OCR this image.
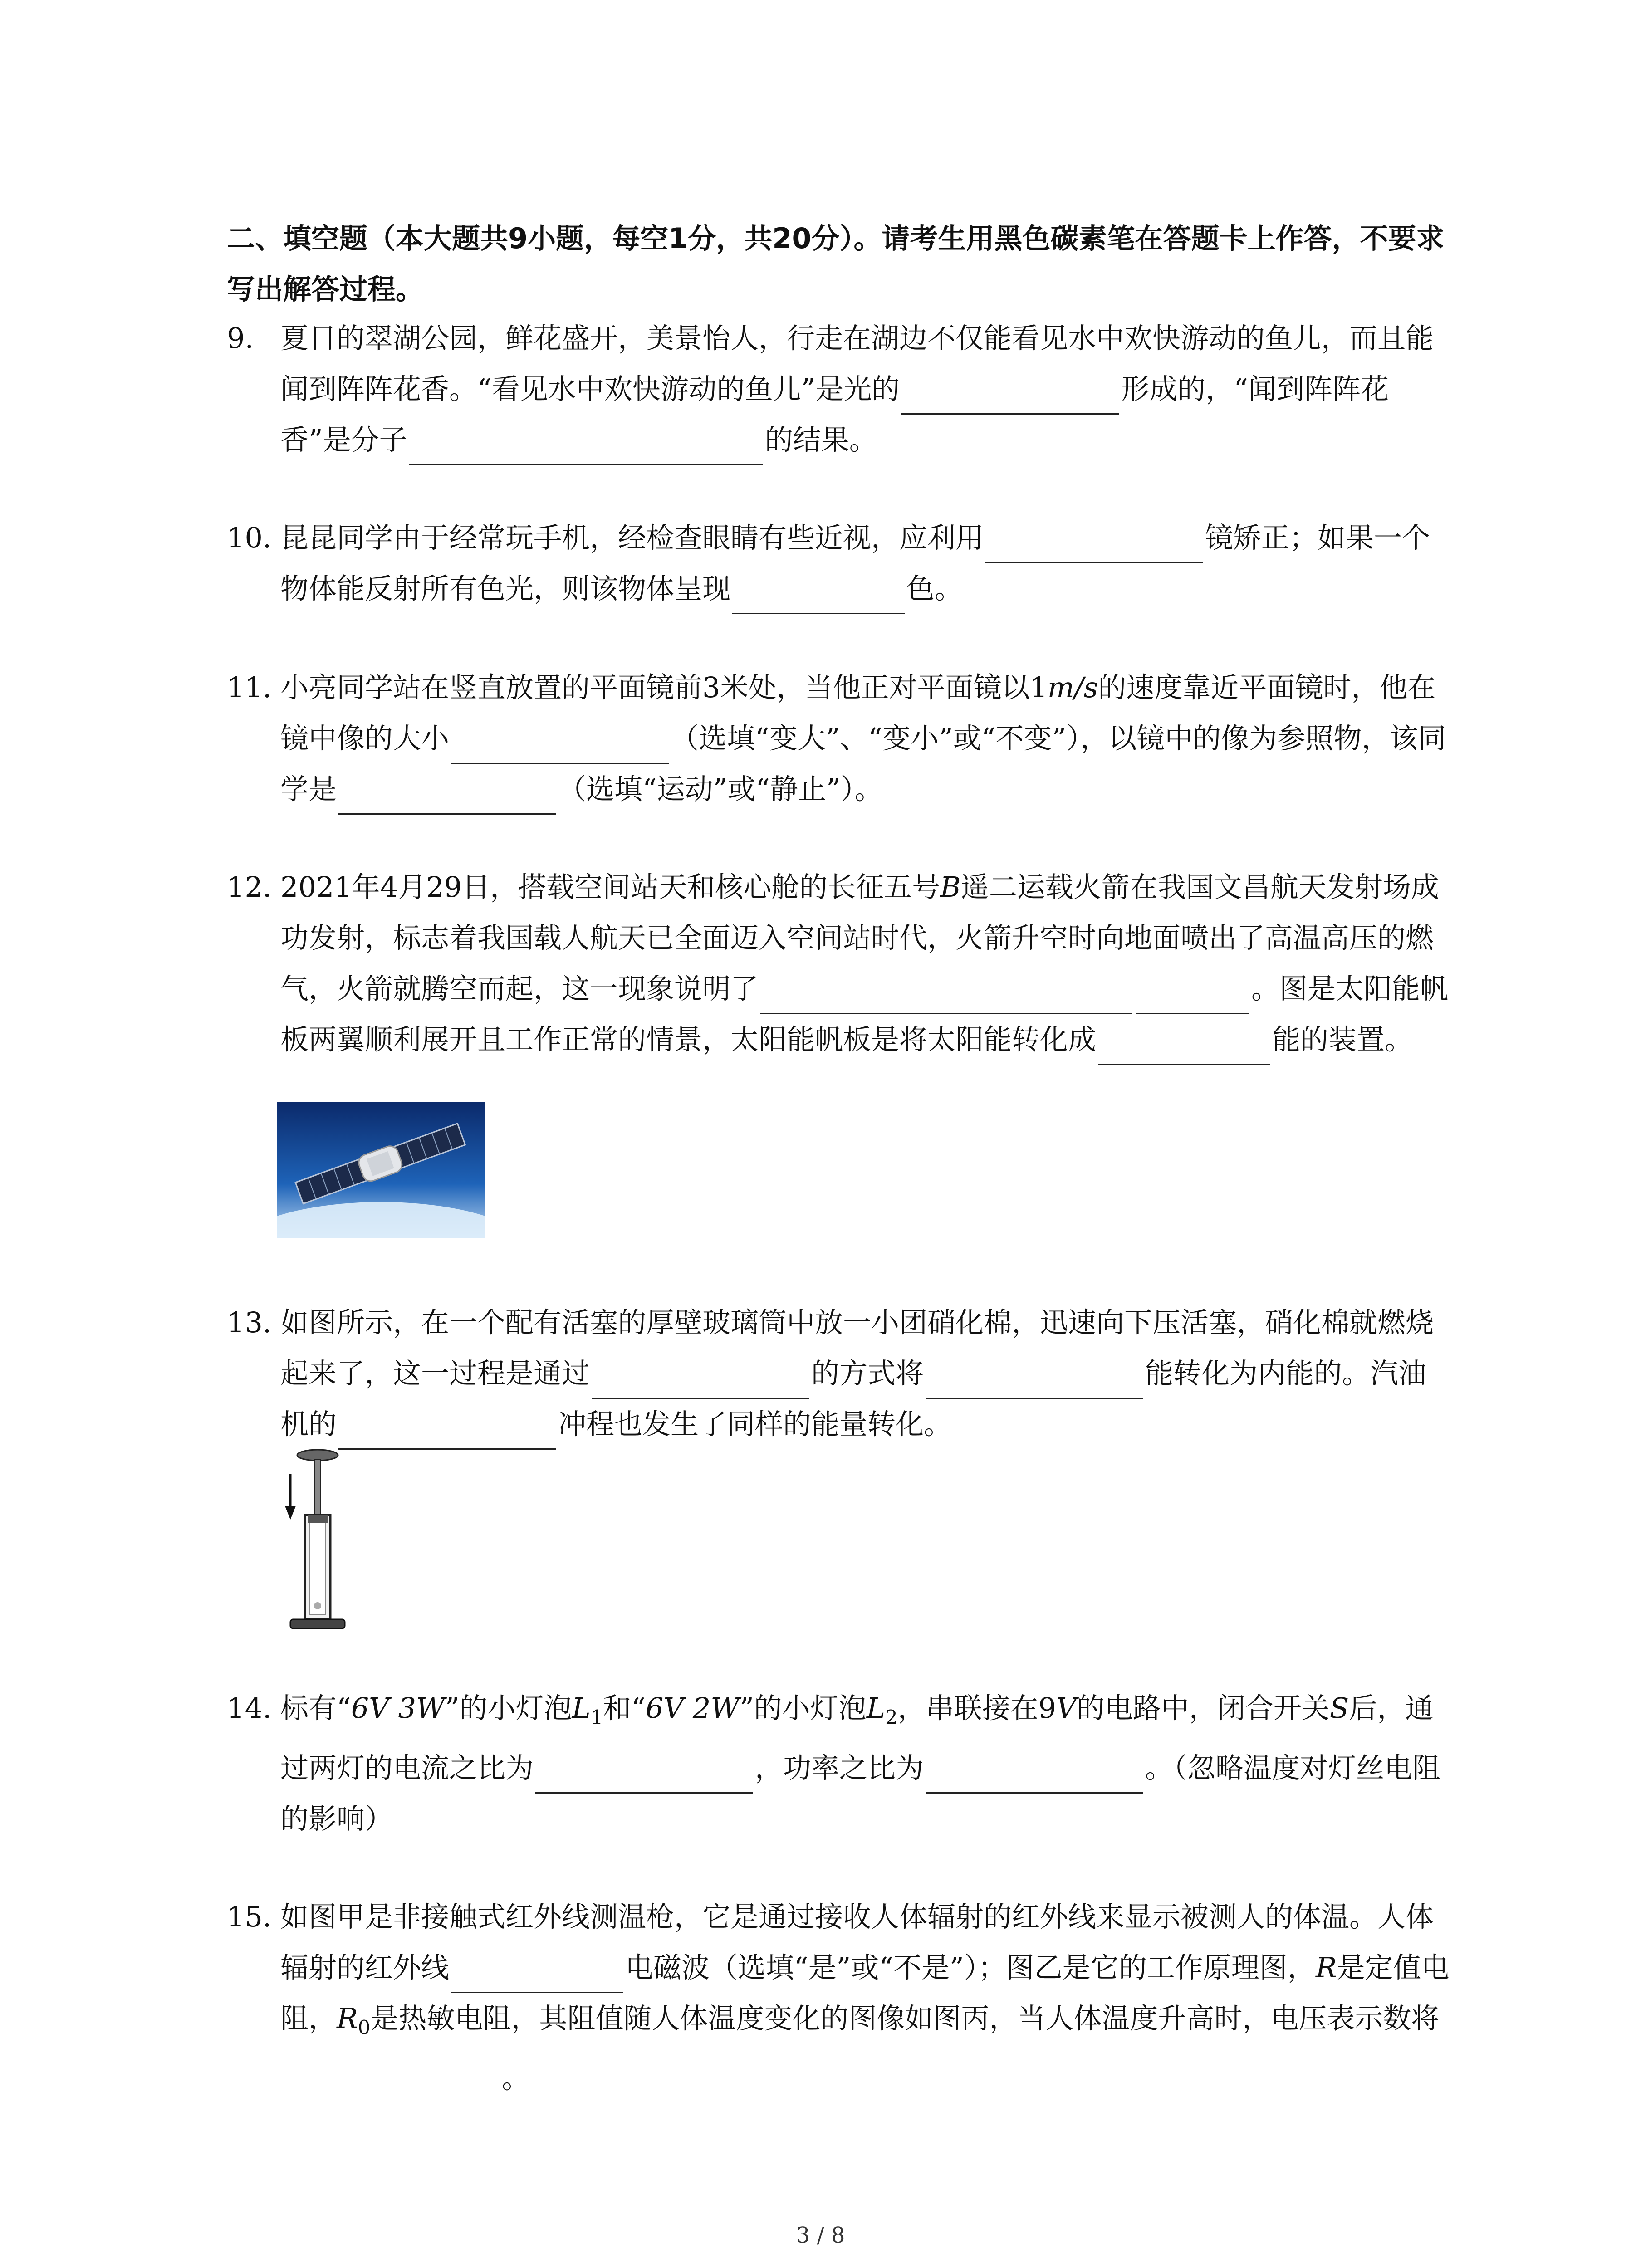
二、填空题（本大题共9小题，每空1分，共20分）。请考生用黑色碳素笔在答题卡上作答，不要求写出解答过程。
9. 夏日的翠湖公园，鲜花盛开，美景怡人，行走在湖边不仅能看见水中欢快游动的鱼儿，而且能闻到阵阵花香。“看见水中欢快游动的鱼儿”是光的	形成的，“闻到阵阵花香”是分子	的结果。
10. 昆昆同学由于经常玩手机，经检查眼睛有些近视，应利用	镜矫正；如果一个物体能反射所有色光，则该物体呈现	色。
11. 小亮同学站在竖直放置的平面镜前3米处，当他正对平面镜以1m/s的速度靠近平面镜时，他在镜中像的大小	（选填“变大”、“变小”或“不变”），以镜中的像为参照物，该同学是	（选填“运动”或“静止”）。
12. 2021年4月29日，搭载空间站天和核心舱的长征五号B遥二运载火箭在我国文昌航天发射场成功发射，标志着我国载人航天已全面迈入空间站时代，火箭升空时向地面喷出了高温高压的燃气，火箭就腾空而起，这一现象说明了	。图是太阳能帆板两翼顺利展开且工作正常的情景，太阳能帆板是将太阳能转化成	能的装置。
13. 如图所示，在一个配有活塞的厚壁玻璃筒中放一小团硝化棉，迅速向下压活塞，硝化棉就燃烧起来了，这一过程是通过	的方式将	能转化为内能的。汽油机的	冲程也发生了同样的能量转化。
14. 标有“6V 3W”的小灯泡$L_1$和“6V 2W”的小灯泡$L_2$，串联接在9V的电路中，闭合开关S后，通过两灯的电流之比为	，功率之比为	。（忽略温度对灯丝电阻的影响）
15. 如图甲是非接触式红外线测温枪，它是通过接收人体辐射的红外线来显示被测人的体温。人体辐射的红外线	电磁波（选填“是”或“不是”）；图乙是它的工作原理图，R是定值电阻，$R_0$是热敏电阻，其阻值随人体温度变化的图像如图丙，当人体温度升高时，电压表示数将。
3 / 8
